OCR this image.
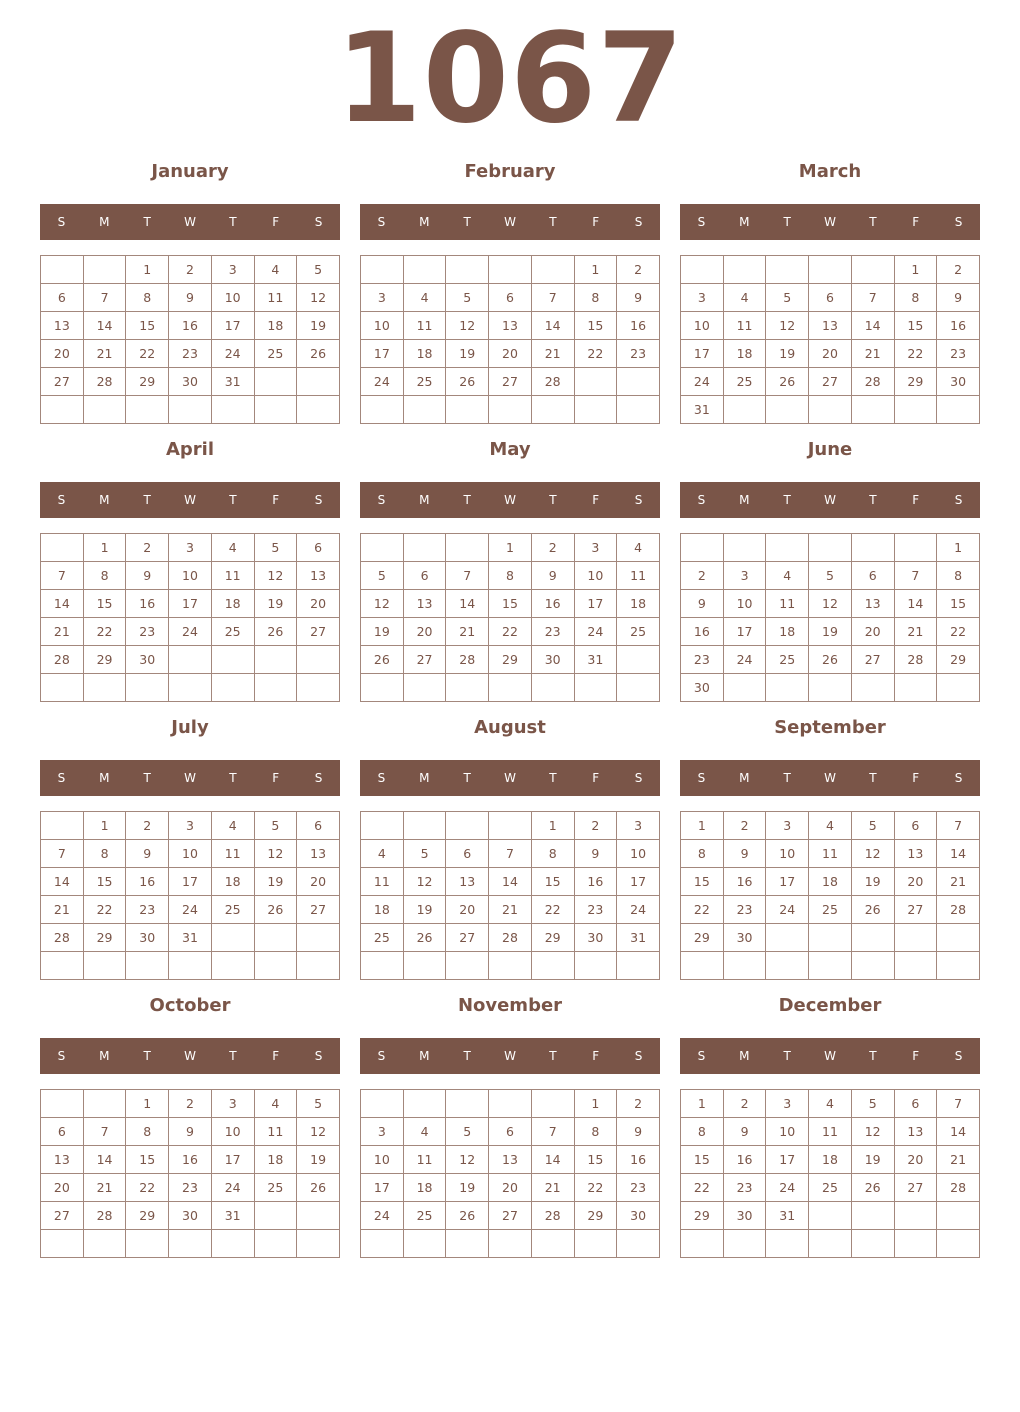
1067
January
S	M	T	W	T	F	S
		1	2	3	4	5
6	7	8	9	10	11	12
13	14	15	16	17	18	19
20	21	22	23	24	25	26
27	28	29	30	31		

February
S	M	T	W	T	F	S
					1	2
3	4	5	6	7	8	9
10	11	12	13	14	15	16
17	18	19	20	21	22	23
24	25	26	27	28		

March
S	M	T	W	T	F	S
					1	2
3	4	5	6	7	8	9
10	11	12	13	14	15	16
17	18	19	20	21	22	23
24	25	26	27	28	29	30
31						
April
S	M	T	W	T	F	S
	1	2	3	4	5	6
7	8	9	10	11	12	13
14	15	16	17	18	19	20
21	22	23	24	25	26	27
28	29	30				

May
S	M	T	W	T	F	S
			1	2	3	4
5	6	7	8	9	10	11
12	13	14	15	16	17	18
19	20	21	22	23	24	25
26	27	28	29	30	31	

June
S	M	T	W	T	F	S
						1
2	3	4	5	6	7	8
9	10	11	12	13	14	15
16	17	18	19	20	21	22
23	24	25	26	27	28	29
30						
July
S	M	T	W	T	F	S
	1	2	3	4	5	6
7	8	9	10	11	12	13
14	15	16	17	18	19	20
21	22	23	24	25	26	27
28	29	30	31			

August
S	M	T	W	T	F	S
				1	2	3
4	5	6	7	8	9	10
11	12	13	14	15	16	17
18	19	20	21	22	23	24
25	26	27	28	29	30	31

September
S	M	T	W	T	F	S
1	2	3	4	5	6	7
8	9	10	11	12	13	14
15	16	17	18	19	20	21
22	23	24	25	26	27	28
29	30					

October
S	M	T	W	T	F	S
		1	2	3	4	5
6	7	8	9	10	11	12
13	14	15	16	17	18	19
20	21	22	23	24	25	26
27	28	29	30	31		

November
S	M	T	W	T	F	S
					1	2
3	4	5	6	7	8	9
10	11	12	13	14	15	16
17	18	19	20	21	22	23
24	25	26	27	28	29	30

December
S	M	T	W	T	F	S
1	2	3	4	5	6	7
8	9	10	11	12	13	14
15	16	17	18	19	20	21
22	23	24	25	26	27	28
29	30	31				
